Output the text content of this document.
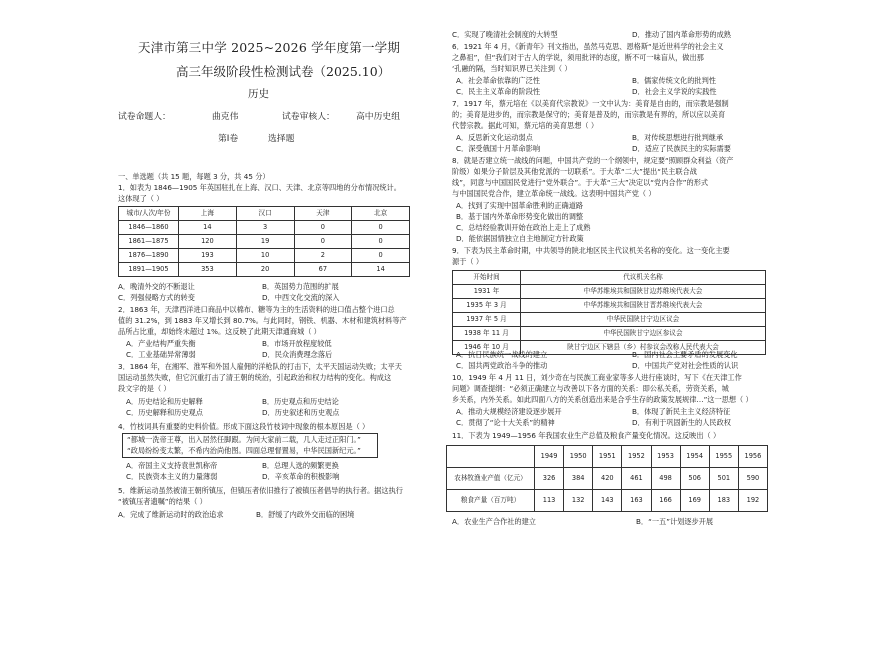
天津市第三中学 2025~2026 学年度第一学期
高三年级阶段性检测试卷（2025.10）
历史
试卷命题人：	曲克伟	试卷审核人： 高中历史组
第Ⅰ卷	选择题
一、单选题（共 15 题，每题 3 分，共 45 分）
1．如表为 1846—1905 年英国驻扎在上海、汉口、天津、北京等四地的分布情况统计。
这体现了（ ）
城市/人次/年份	上海	汉口	天津	北京
1846—1860	14	3	0	0
1861—1875	120	19	0	0
1876—1890	193	10	2	0
1891—1905	353	20	67	14
A．晚清外交的不断退让	B．英国势力范围的扩展
C．列强侵略方式的转变	D．中西文化交流的深入
2．1863 年，天津西洋进口商品中以棉布、糖等为主的生活资料的进口值占整个进口总
值的 31.2%，到 1883 年又增长到 80.7%。与此同时，钢铁、机器、木材和建筑材料等产
品所占比重，却始终未超过 1%。这反映了此期天津通商城（ ）
A．产业结构严重失衡	B．市场开放程度较低
C．工业基础异常薄弱	D．民众消费理念落后
3．1864 年，在湘军、淮军和外国人雇佣的洋枪队的打击下，太平天国运动失败；太平天
国运动虽然失败，但它沉重打击了清王朝的统治，引起政治和权力结构的变化。构成这
段文字的是（ ）
A．历史结论和历史解释	B．历史观点和历史结论
C．历史解释和历史观点	D．历史叙述和历史观点
4．竹枝词具有重要的史料价值。形成下面这段竹枝词中现象的根本原因是（ ）
“都城一洗帝王尊，出入居然任脚跟。为问大家前二载，几人走过正阳门。”
“政局纷纷变太繁，不希内治尚他图。四面总理督置易，中华民国新纪元。”
A．帝国主义支持袁世凯称帝	B．总理人选的频繁更换
C．民族资本主义的力量薄弱	D．辛亥革命的积极影响
5．维新运动虽然被清王朝所镇压，但镇压者依旧推行了被镇压者倡导的执行者。据这执行
“被镇压者遗嘱”的结果（ ）
A．完成了维新运动时的政治追求	B．舒缓了内政外交而临的困境
C．实现了晚清社会制度的大转型	D．推动了国内革命形势的成熟
6．1921 年 4 月，《新青年》刊文指出，虽然马克思、恩格斯“是近世科学的社会主义
之鼻祖”，但“我们对于古人的学说，须用批评的态度，断不可一味盲从，做出那
‘孔融的隔，当时知识界已关注到（ ）
A．社会革命依靠的广泛性	B．儒家传统文化的批判性
C．民主主义革命的阶段性	D．社会主义学说的实践性
7．1917 年，蔡元培在《以美育代宗教说》一文中认为：美育是自由的，而宗教是强制
的；美育是进步的，而宗教是保守的；美育是普及的，而宗教是有界的，所以应以美育
代替宗教。据此可知，蔡元培的美育思想（ ）
A．反思新文化运动弱点	B．对传统思想进行批判继承
C．深受俄国十月革命影响	D．适应了民族民主的实际需要
8．就是否建立统一战线的问题，中国共产党的一个纲领中，规定要“照顾群众利益（资产
阶级）如果分子阶层及其他党派的一切联系”。于大革“二大”提出“民主联合战
线”，同意与中国国民党进行“党外联合”。于大革“三大”决定以“党内合作”的形式
与中国国民党合作，建立革命统一战线。这表明中国共产党（ ）
A．找到了实现中国革命胜利的正确道路
B．基于国内外革命形势变化做出的调整
C．总结经验教训开始在政治上走上了成熟
D．能依据国情独立自主地制定方针政策
9．下表为民主革命时期，中共领导的陕北地区民主代议机关名称的变化。这一变化主要
源于（ ）
开始时间	代议机关名称
1931 年	中华苏维埃共和国陕甘边苏维埃代表大会
1935 年 3 月	中华苏维埃共和国陕甘晋苏维埃代表大会
1937 年 5 月	中华民国陕甘宁边区议会
1938 年 11 月	中华民国陕甘宁边区参议会
1946 年 10 月	陕甘宁边区下辖县（乡）村参议会改称人民代表大会
A．抗日民族统一战线的建立	B．国内社会主要矛盾的发展变化
C．国共两党政治斗争的推动	D．中国共产党对社会性质的认识
10．1949 年 4 月 11 日，刘少奇在与民族工商业家等多人进行座谈时，写下《在天津工作
问题》调查提纲：“必须正确建立与改善以下各方面的关系：即公私关系，劳资关系，城
乡关系，内外关系。如此四面八方的关系创造出来是合乎生存的政策发展规律…”这一思想（ ）
A．推动大规模经济建设逐步展开	B．体现了新民主主义经济特征
C．贯彻了“论十大关系”的精神	D．有利于巩固新生的人民政权
11．下表为 1949—1956 年我国农业生产总值及粮食产量变化情况。这反映出（ ）
	1949	1950	1951	1952	1953	1954	1955	1956
农林牧渔业产值（亿元）	326	384	420	461	498	506	501	590
粮食产量（百万吨）	113	132	143	163	166	169	183	192
A．农业生产合作社的建立	B．“一五”计划逐步开展
